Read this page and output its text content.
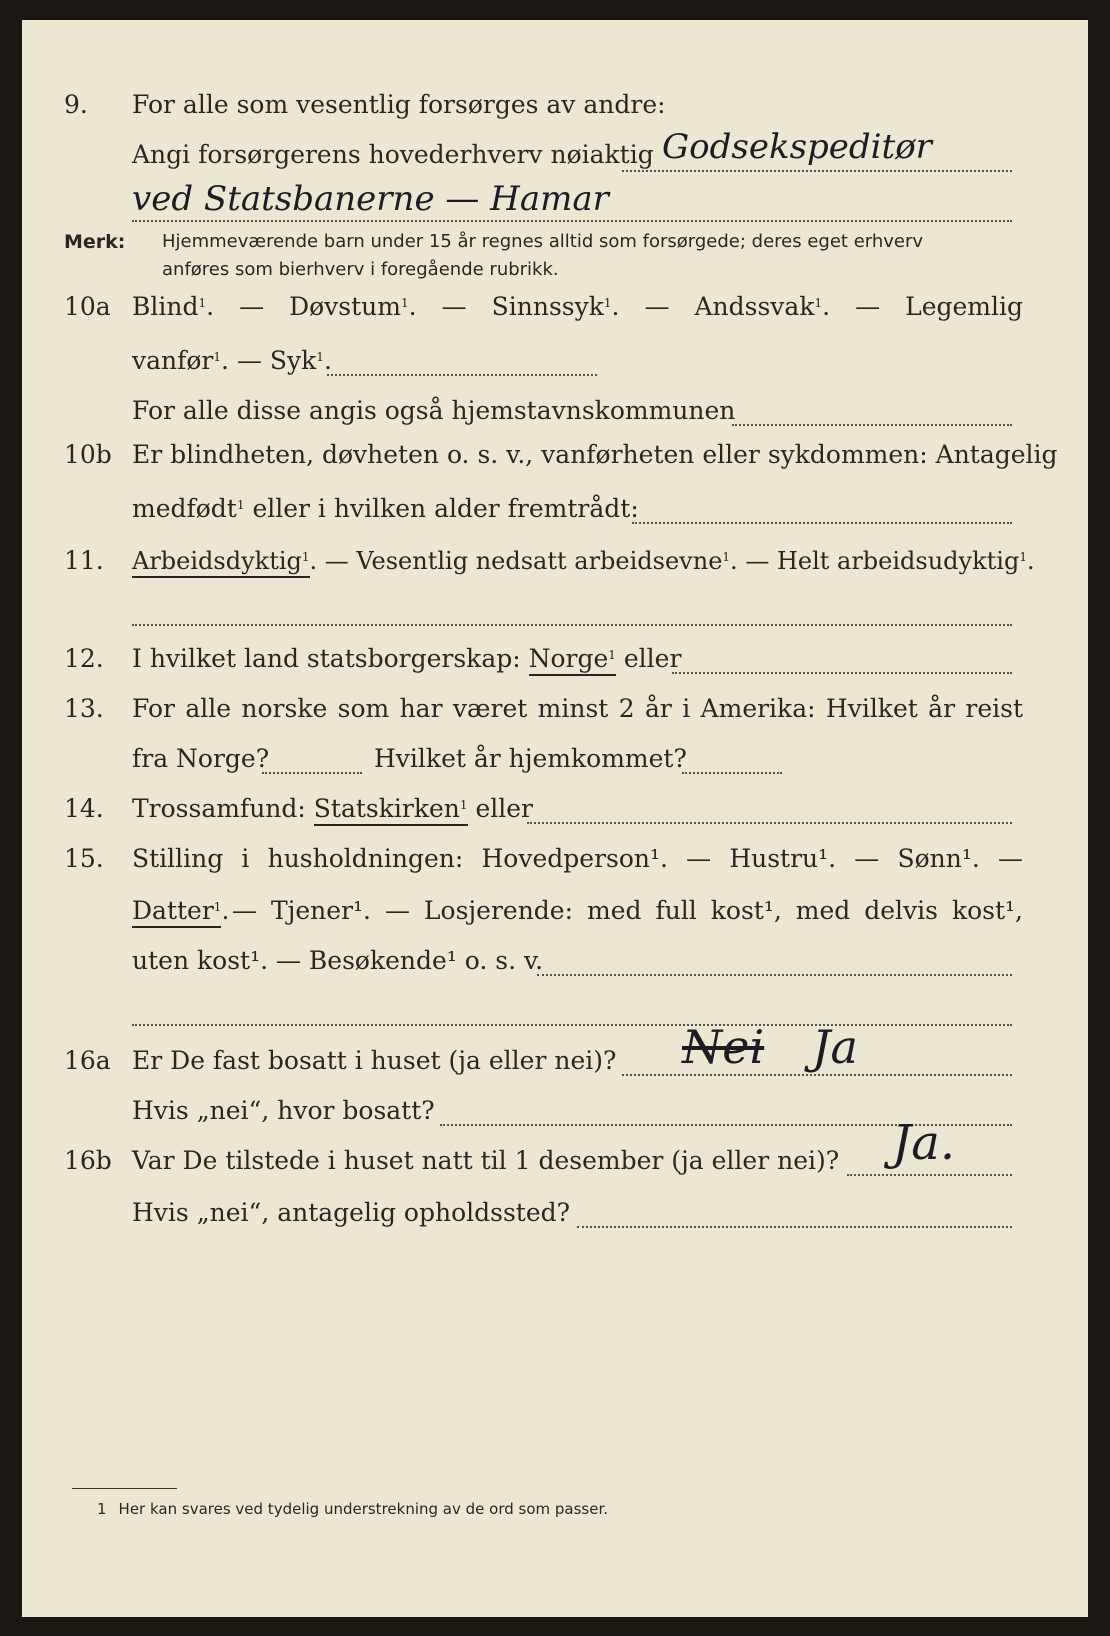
9. For alle som vesentlig forsørges av andre:
Angi forsørgerens hovederhverv nøiaktig Godsekspeditør
ved Statsbanerne — Hamar
Merk: Hjemmeværende barn under 15 år regnes alltid som forsørgede; deres eget erhverv
anføres som bierhverv i foregående rubrikk.
10a Blind$^1$. — Døvstum$^1$. — Sinnssyk$^1$. — Andssvak$^1$. — Legemlig
vanfør$^1$. — Syk$^1$.
For alle disse angis også hjemstavnskommunen
10b Er blindheten, døvheten o. s. v., vanførheten eller sykdommen: Antagelig
medfødt$^1$ eller i hvilken alder fremtrådt:
11. Arbeidsdyktig$^1$. — Vesentlig nedsatt arbeidsevne$^1$. — Helt arbeidsudyktig$^1$.
12. I hvilket land statsborgerskap: Norge$^1$ eller
13. For alle norske som har været minst 2 år i Amerika: Hvilket år reist
fra Norge?	Hvilket år hjemkommet?
14. Trossamfund: Statskirken$^1$ eller
15. Stilling i husholdningen: Hovedperson¹. — Hustru¹. — Sønn¹. —
Datter$^1$. — Tjener¹. — Losjerende: med full kost¹, med delvis kost¹,
uten kost¹. — Besøkende¹ o. s. v.
16a Er De fast bosatt i huset (ja eller nei)? Nei Ja
Hvis „nei“, hvor bosatt?
16b Var De tilstede i huset natt til 1 desember (ja eller nei)? Ja.
Hvis „nei“, antagelig opholdssted?
1 Her kan svares ved tydelig understrekning av de ord som passer.
